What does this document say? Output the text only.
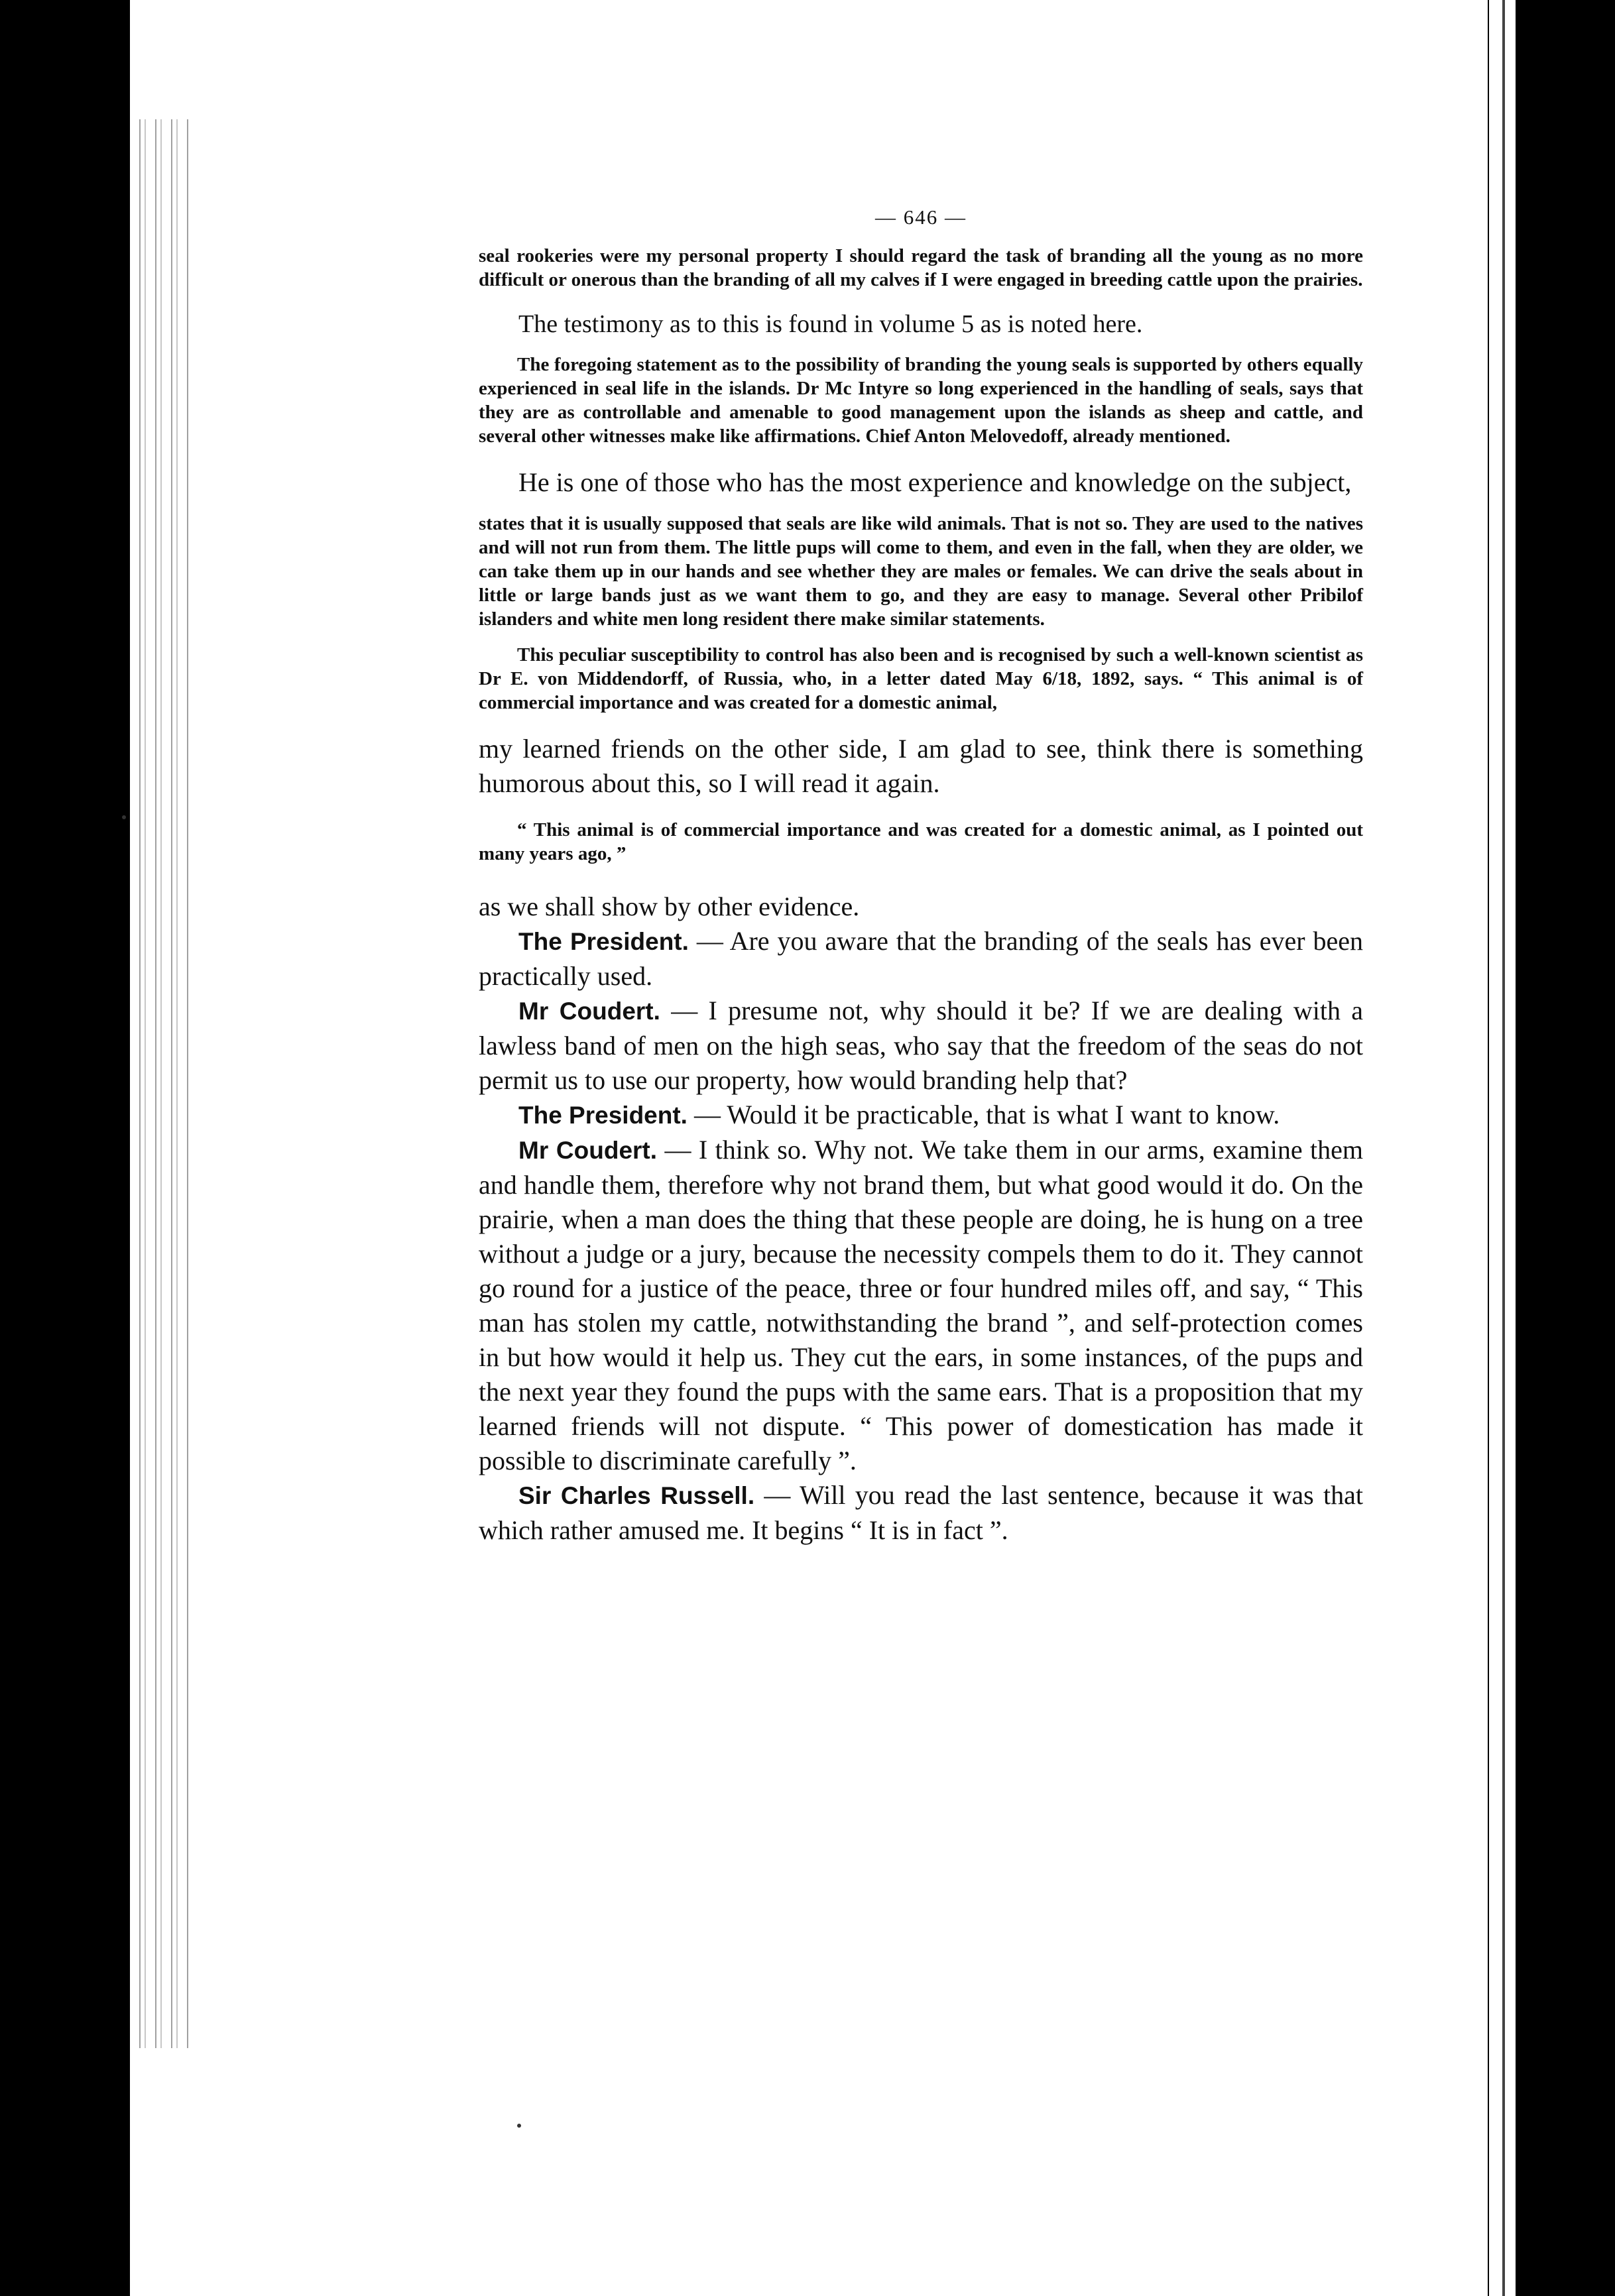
— 646 —

seal rookeries were my personal property I should regard the task of branding all the young as no more difficult or onerous than the branding of all my calves if I were engaged in breeding cattle upon the prairies.

The testimony as to this is found in volume 5 as is noted here.

The foregoing statement as to the possibility of branding the young seals is supported by others equally experienced in seal life in the islands. Dr Mc Intyre so long experienced in the handling of seals, says that they are as controllable and amenable to good management upon the islands as sheep and cattle, and several other witnesses make like affirmations. Chief Anton Melovedoff, already mentioned.

He is one of those who has the most experience and knowledge on the subject,

states that it is usually supposed that seals are like wild animals. That is not so. They are used to the natives and will not run from them. The little pups will come to them, and even in the fall, when they are older, we can take them up in our hands and see whether they are males or females. We can drive the seals about in little or large bands just as we want them to go, and they are easy to manage. Several other Pribilof islanders and white men long resident there make similar statements.

This peculiar susceptibility to control has also been and is recognised by such a well-known scientist as Dr E. von Middendorff, of Russia, who, in a letter dated May 6/18, 1892, says. “ This animal is of commercial importance and was created for a domestic animal,

my learned friends on the other side, I am glad to see, think there is something humorous about this, so I will read it again.

“ This animal is of commercial importance and was created for a domestic animal, as I pointed out many years ago, ”

as we shall show by other evidence.

The President. — Are you aware that the branding of the seals has ever been practically used.

Mr Coudert. — I presume not, why should it be? If we are dealing with a lawless band of men on the high seas, who say that the freedom of the seas do not permit us to use our property, how would branding help that?

The President. — Would it be practicable, that is what I want to know.

Mr Coudert. — I think so. Why not. We take them in our arms, examine them and handle them, therefore why not brand them, but what good would it do. On the prairie, when a man does the thing that these people are doing, he is hung on a tree without a judge or a jury, because the necessity compels them to do it. They cannot go round for a justice of the peace, three or four hundred miles off, and say, “ This man has stolen my cattle, notwithstanding the brand ”, and self-protection comes in but how would it help us. They cut the ears, in some instances, of the pups and the next year they found the pups with the same ears. That is a proposition that my learned friends will not dispute. “ This power of domestication has made it possible to discriminate carefully ”.

Sir Charles Russell. — Will you read the last sentence, because it was that which rather amused me. It begins “ It is in fact ”.
